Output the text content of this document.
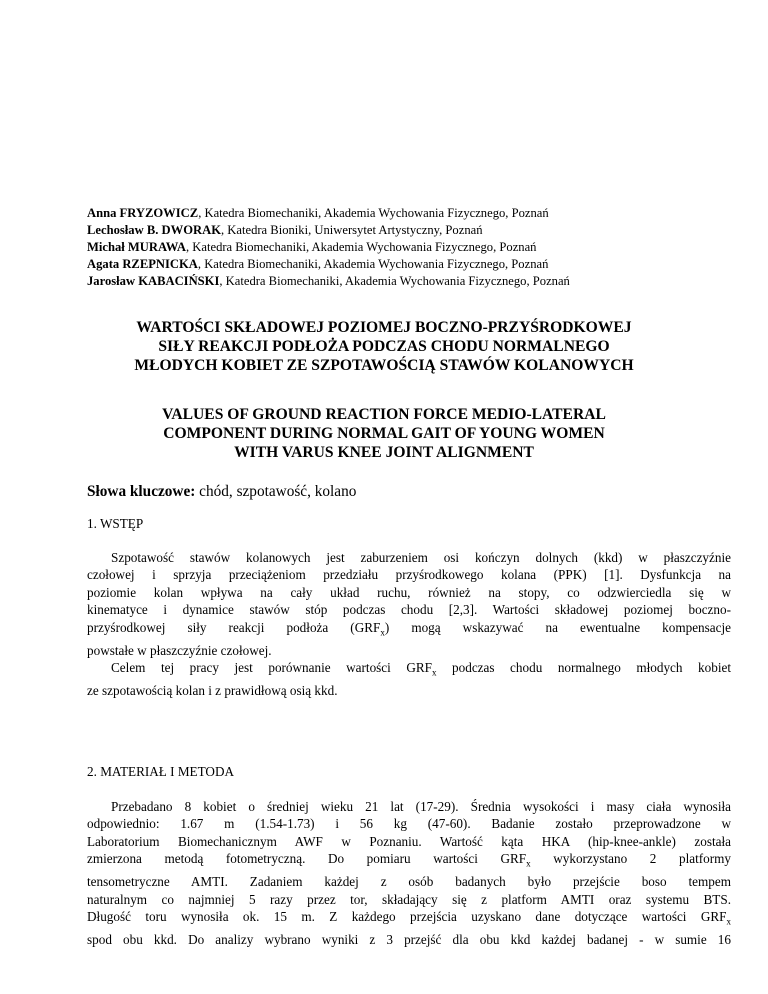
Anna FRYZOWICZ, Katedra Biomechaniki, Akademia Wychowania Fizycznego, Poznań
Lechosław B. DWORAK, Katedra Bioniki, Uniwersytet Artystyczny, Poznań
Michał MURAWA, Katedra Biomechaniki, Akademia Wychowania Fizycznego, Poznań
Agata RZEPNICKA, Katedra Biomechaniki, Akademia Wychowania Fizycznego, Poznań
Jarosław KABACIŃSKI, Katedra Biomechaniki, Akademia Wychowania Fizycznego, Poznań
WARTOŚCI SKŁADOWEJ POZIOMEJ BOCZNO-PRZYŚRODKOWEJ
SIŁY REAKCJI PODŁOŻA PODCZAS CHODU NORMALNEGO
MŁODYCH KOBIET ZE SZPOTAWOŚCIĄ STAWÓW KOLANOWYCH
VALUES OF GROUND REACTION FORCE MEDIO-LATERAL
COMPONENT DURING NORMAL GAIT OF YOUNG WOMEN
WITH VARUS KNEE JOINT ALIGNMENT
Słowa kluczowe: chód, szpotawość, kolano
1. WSTĘP
Szpotawość stawów kolanowych jest zaburzeniem osi kończyn dolnych (kkd) w płaszczyźnie
czołowej i sprzyja przeciążeniom przedziału przyśrodkowego kolana (PPK) [1]. Dysfunkcja na
poziomie kolan wpływa na cały układ ruchu, również na stopy, co odzwierciedla się w
kinematyce i dynamice stawów stóp podczas chodu [2,3]. Wartości składowej poziomej boczno-
przyśrodkowej siły reakcji podłoża $(GRF_x)$ mogą wskazywać na ewentualne kompensacje
powstałe w płaszczyźnie czołowej.
Celem tej pracy jest porównanie wartości $GRF_x$ podczas chodu normalnego młodych kobiet
ze szpotawością kolan i z prawidłową osią kkd.
2. MATERIAŁ I METODA
Przebadano 8 kobiet o średniej wieku 21 lat (17-29). Średnia wysokości i masy ciała wynosiła
odpowiednio: 1.67 m (1.54-1.73) i 56 kg (47-60). Badanie zostało przeprowadzone w
Laboratorium Biomechanicznym AWF w Poznaniu. Wartość kąta HKA (hip-knee-ankle) została
zmierzona metodą fotometryczną. Do pomiaru wartości $GRF_x$ wykorzystano 2 platformy
tensometryczne AMTI. Zadaniem każdej z osób badanych było przejście boso tempem
naturalnym co najmniej 5 razy przez tor, składający się z platform AMTI oraz systemu BTS.
Długość toru wynosiła ok. 15 m. Z każdego przejścia uzyskano dane dotyczące wartości $GRF_x$
spod obu kkd. Do analizy wybrano wyniki z 3 przejść dla obu kkd każdej badanej - w sumie 16
